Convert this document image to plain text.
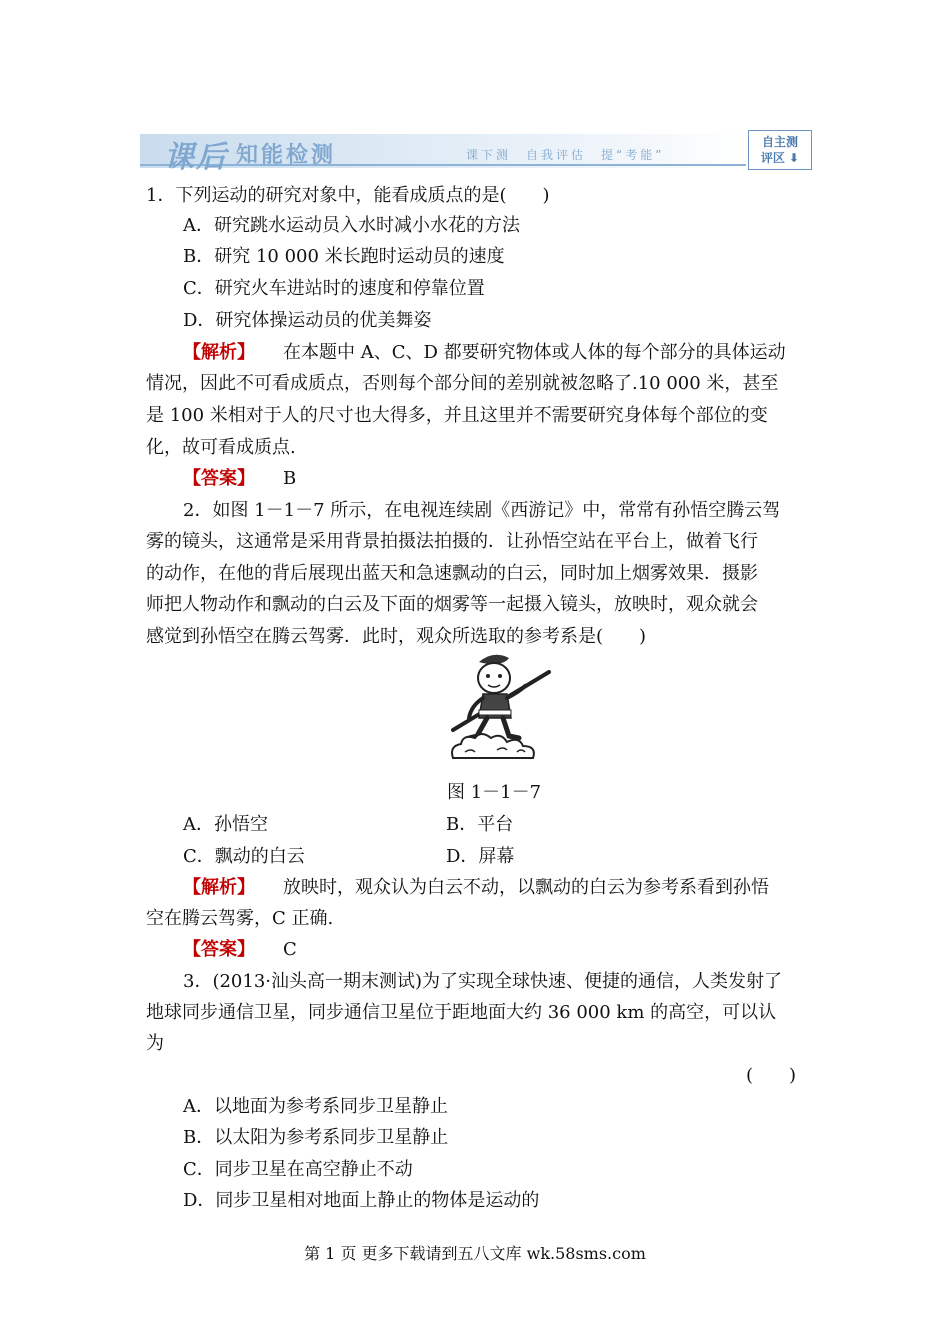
课后 知能检测	课下测　自我评估　提“考能”
自主测
评区 ⬇
1．下列运动的研究对象中，能看成质点的是(　　)
A．研究跳水运动员入水时减小水花的方法
B．研究 10 000 米长跑时运动员的速度
C．研究火车进站时的速度和停靠位置
D．研究体操运动员的优美舞姿
【解析】 在本题中 A、C、D 都要研究物体或人体的每个部分的具体运动
情况，因此不可看成质点，否则每个部分间的差别就被忽略了.10 000 米，甚至
是 100 米相对于人的尺寸也大得多，并且这里并不需要研究身体每个部位的变
化，故可看成质点.
【答案】 B
2．如图 1－1－7 所示，在电视连续剧《西游记》中，常常有孙悟空腾云驾
雾的镜头，这通常是采用背景拍摄法拍摄的．让孙悟空站在平台上，做着飞行
的动作，在他的背后展现出蓝天和急速飘动的白云，同时加上烟雾效果．摄影
师把人物动作和飘动的白云及下面的烟雾等一起摄入镜头，放映时，观众就会
感觉到孙悟空在腾云驾雾．此时，观众所选取的参考系是(　　)
图 1－1－7
A．孙悟空	B．平台
C．飘动的白云	D．屏幕
【解析】 放映时，观众认为白云不动，以飘动的白云为参考系看到孙悟
空在腾云驾雾，C 正确.
【答案】 C
3．(2013·汕头高一期末测试)为了实现全球快速、便捷的通信，人类发射了
地球同步通信卫星，同步通信卫星位于距地面大约 36 000 km 的高空，可以认
为
(　　)
A．以地面为参考系同步卫星静止
B．以太阳为参考系同步卫星静止
C．同步卫星在高空静止不动
D．同步卫星相对地面上静止的物体是运动的
第 1 页 更多下载请到五八文库 wk.58sms.com
